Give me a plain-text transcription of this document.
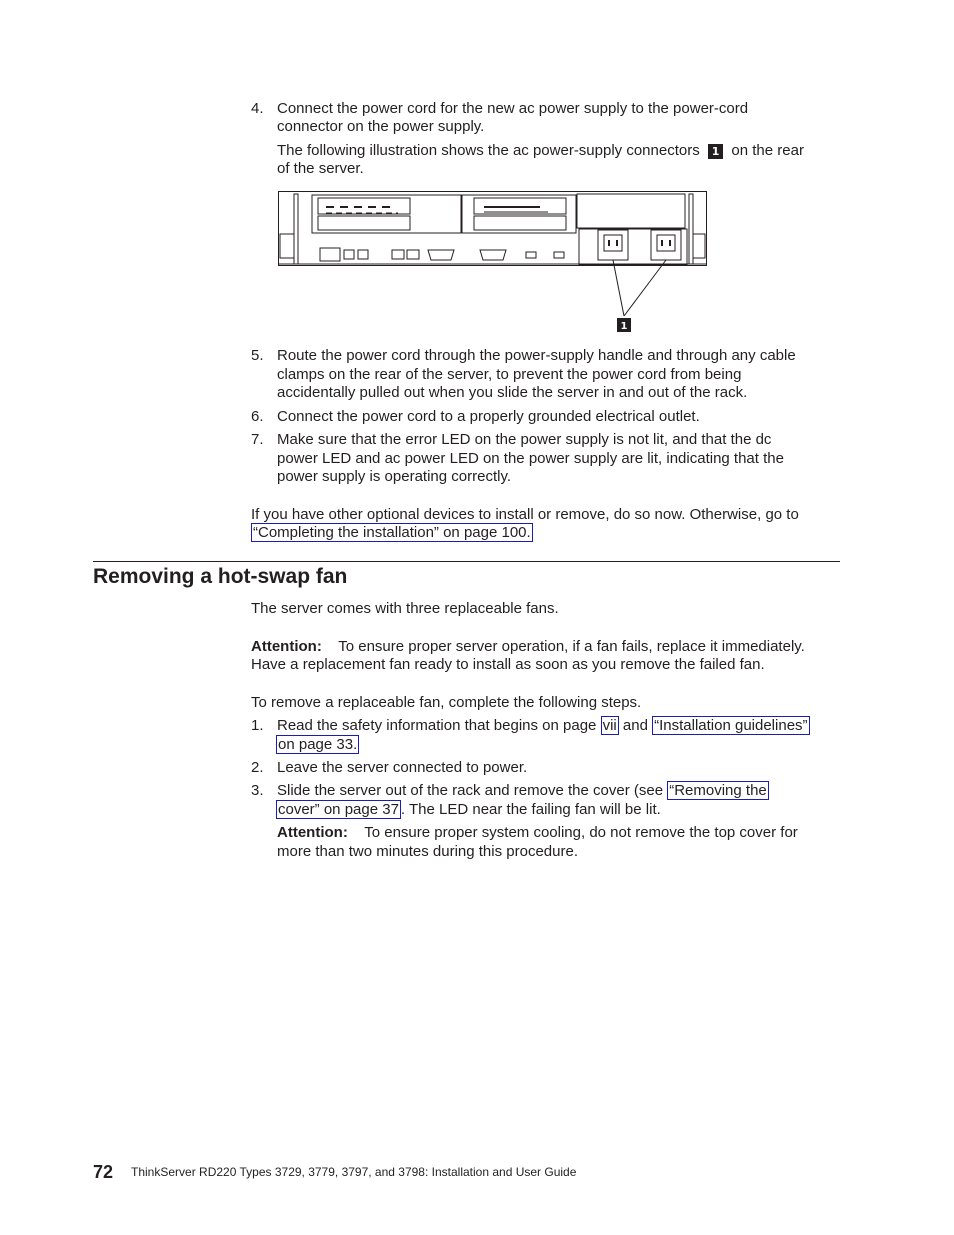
4. Connect the power cord for the new ac power supply to the power-cord
connector on the power supply.
The following illustration shows the ac power-supply connectors 1 on the rear
of the server.
1
5. Route the power cord through the power-supply handle and through any cable
clamps on the rear of the server, to prevent the power cord from being
accidentally pulled out when you slide the server in and out of the rack.
6. Connect the power cord to a properly grounded electrical outlet.
7. Make sure that the error LED on the power supply is not lit, and that the dc
power LED and ac power LED on the power supply are lit, indicating that the
power supply is operating correctly.
If you have other optional devices to install or remove, do so now. Otherwise, go to
“Completing the installation” on page 100.
Removing a hot-swap fan
The server comes with three replaceable fans.
Attention: To ensure proper server operation, if a fan fails, replace it immediately.
Have a replacement fan ready to install as soon as you remove the failed fan.
To remove a replaceable fan, complete the following steps.
1. Read the safety information that begins on page vii and “Installation guidelines”
on page 33.
2. Leave the server connected to power.
3. Slide the server out of the rack and remove the cover (see “Removing the
cover” on page 37 . The LED near the failing fan will be lit.
Attention: To ensure proper system cooling, do not remove the top cover for
more than two minutes during this procedure.
72 ThinkServer RD220 Types 3729, 3779, 3797, and 3798: Installation and User Guide
